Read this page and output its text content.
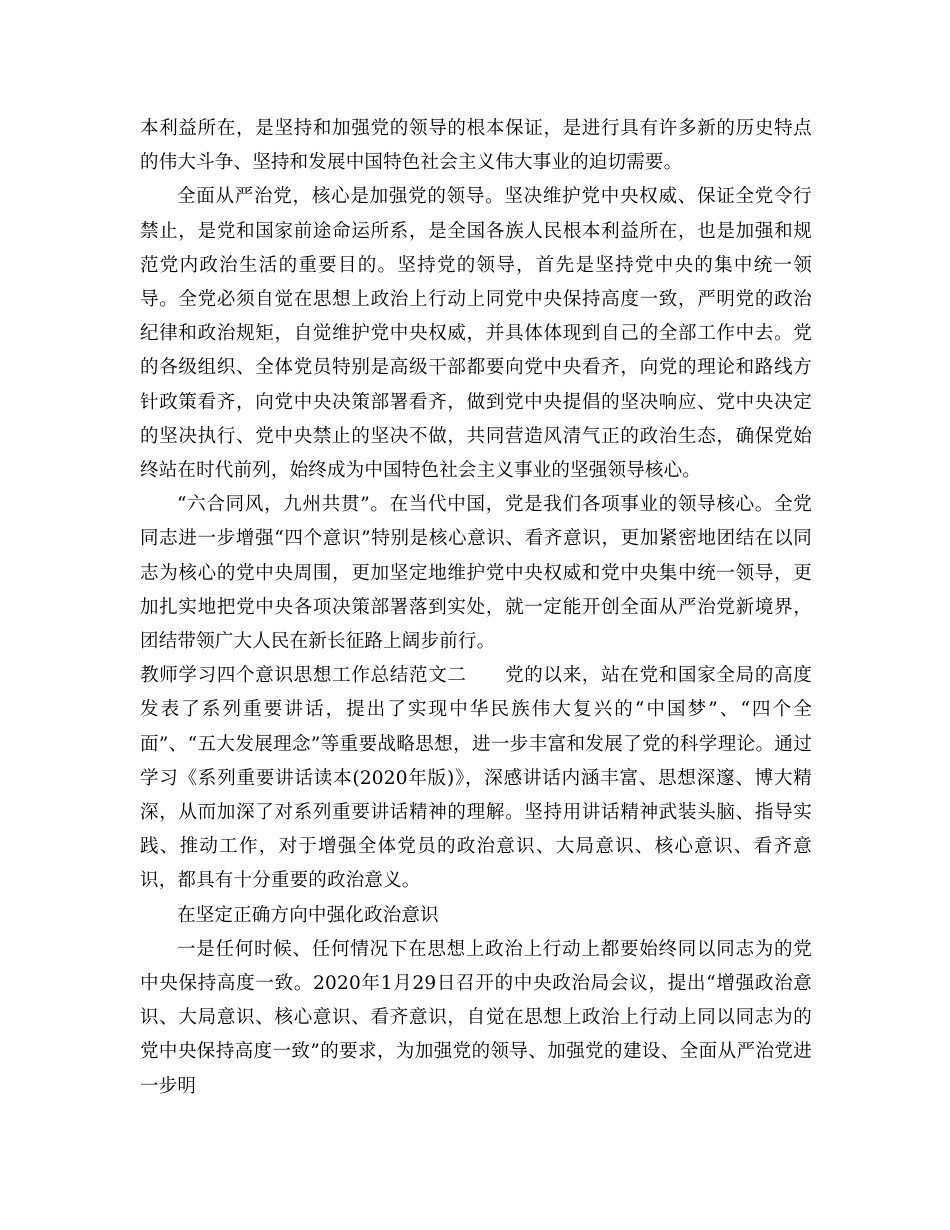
本利益所在，是坚持和加强党的领导的根本保证，是进行具有许多新的历史特点的伟大斗争、坚持和发展中国特色社会主义伟大事业的迫切需要。

全面从严治党，核心是加强党的领导。坚决维护党中央权威、保证全党令行禁止，是党和国家前途命运所系，是全国各族人民根本利益所在，也是加强和规范党内政治生活的重要目的。坚持党的领导，首先是坚持党中央的集中统一领导。全党必须自觉在思想上政治上行动上同党中央保持高度一致，严明党的政治纪律和政治规矩，自觉维护党中央权威，并具体体现到自己的全部工作中去。党的各级组织、全体党员特别是高级干部都要向党中央看齐，向党的理论和路线方针政策看齐，向党中央决策部署看齐，做到党中央提倡的坚决响应、党中央决定的坚决执行、党中央禁止的坚决不做，共同营造风清气正的政治生态，确保党始终站在时代前列，始终成为中国特色社会主义事业的坚强领导核心。

“六合同风，九州共贯”。在当代中国，党是我们各项事业的领导核心。全党同志进一步增强“四个意识”特别是核心意识、看齐意识，更加紧密地团结在以同志为核心的党中央周围，更加坚定地维护党中央权威和党中央集中统一领导，更加扎实地把党中央各项决策部署落到实处，就一定能开创全面从严治党新境界，团结带领广大人民在新长征路上阔步前行。

教师学习四个意识思想工作总结范文二　　党的以来，站在党和国家全局的高度发表了系列重要讲话，提出了实现中华民族伟大复兴的“中国梦”、“四个全面”、“五大发展理念”等重要战略思想，进一步丰富和发展了党的科学理论。通过学习《系列重要讲话读本(2020年版)》，深感讲话内涵丰富、思想深邃、博大精深，从而加深了对系列重要讲话精神的理解。坚持用讲话精神武装头脑、指导实践、推动工作，对于增强全体党员的政治意识、大局意识、核心意识、看齐意识，都具有十分重要的政治意义。

在坚定正确方向中强化政治意识

一是任何时候、任何情况下在思想上政治上行动上都要始终同以同志为的党中央保持高度一致。2020年1月29日召开的中央政治局会议，提出“增强政治意识、大局意识、核心意识、看齐意识，自觉在思想上政治上行动上同以同志为的党中央保持高度一致”的要求，为加强党的领导、加强党的建设、全面从严治党进一步明
